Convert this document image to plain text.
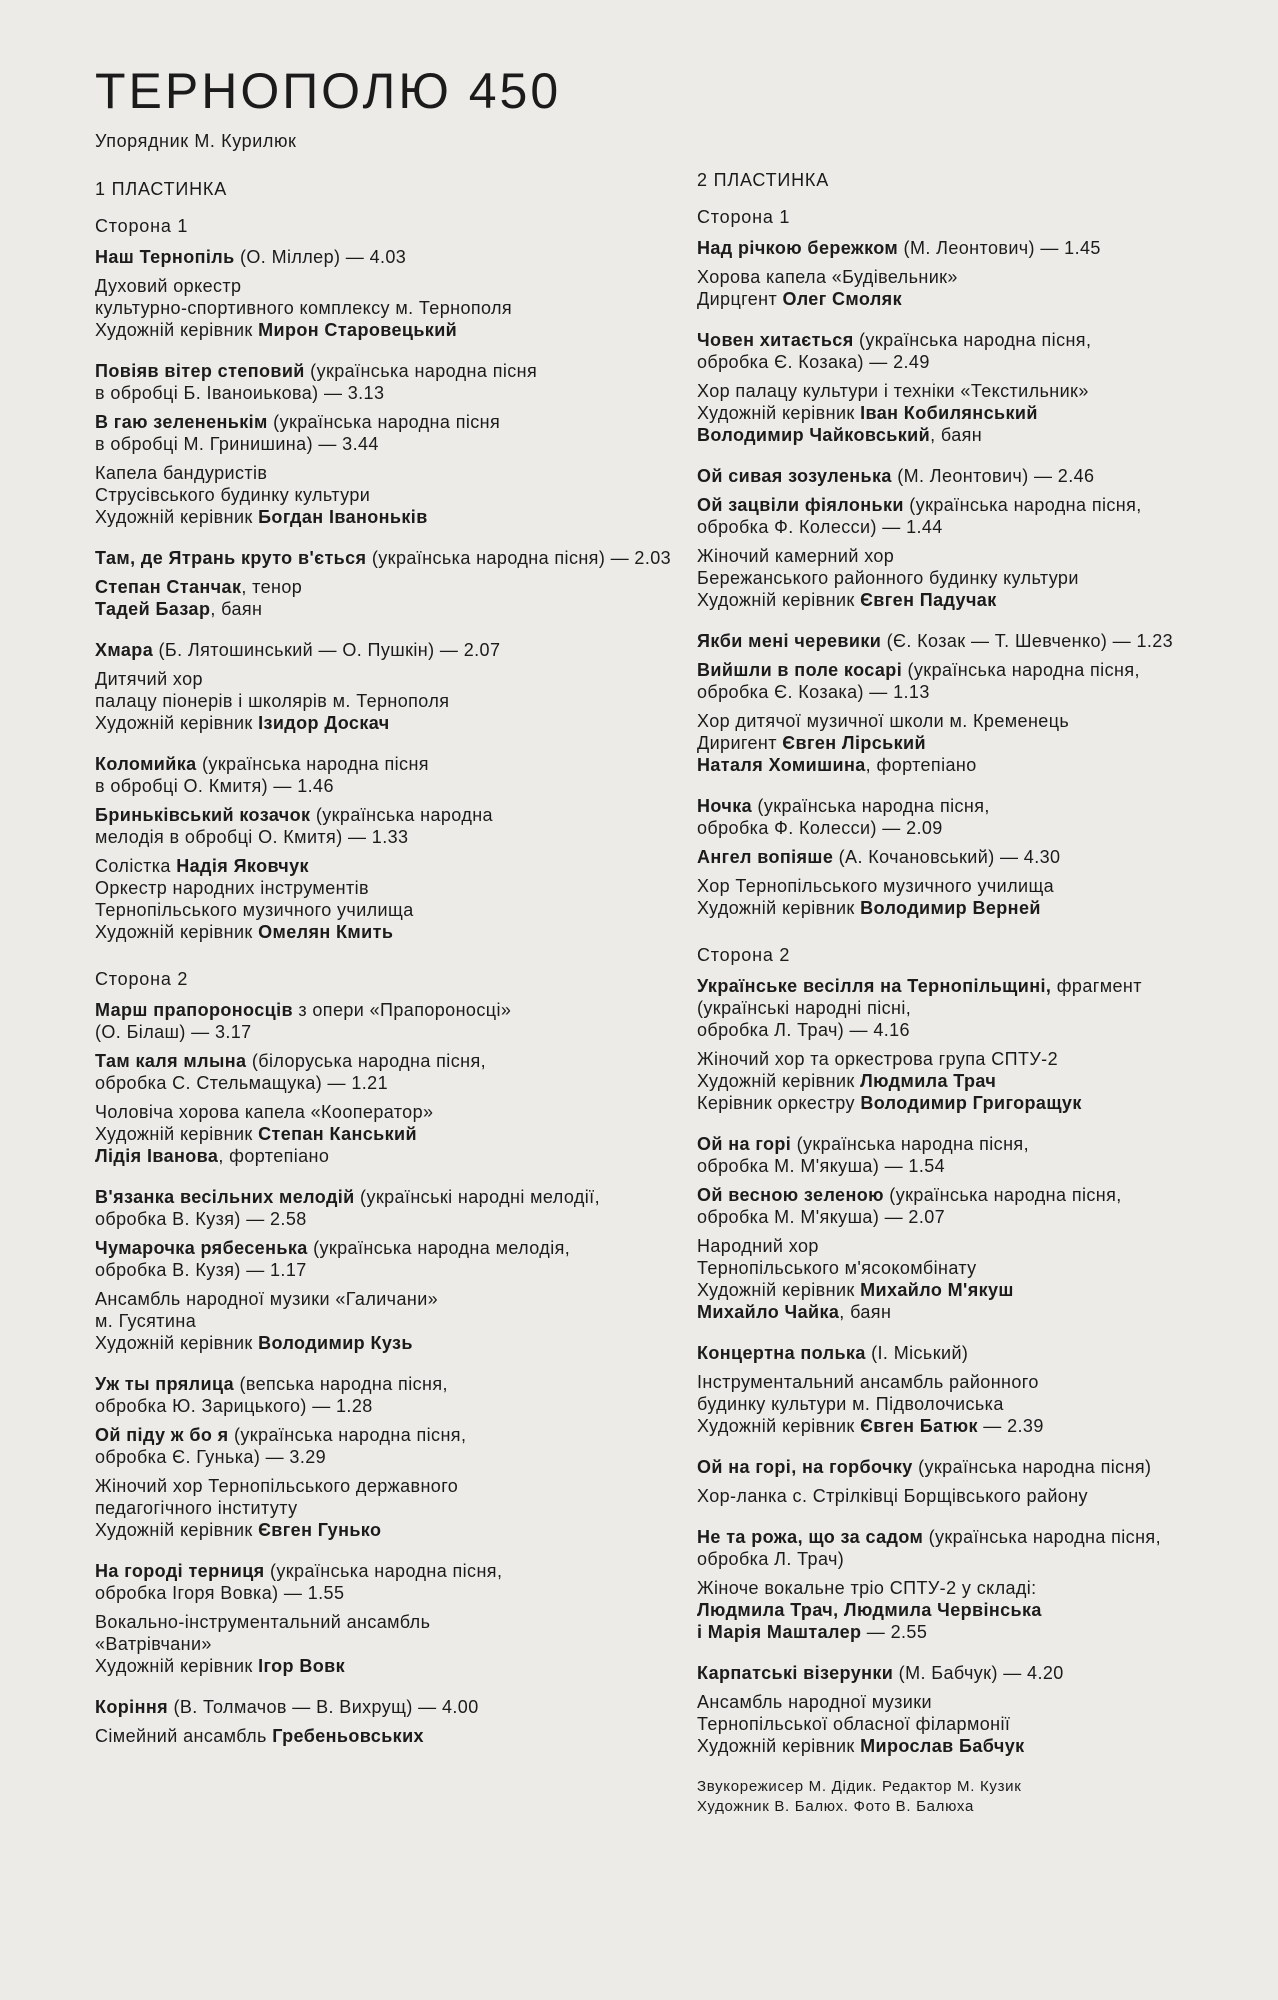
ТЕРНОПОЛЮ 450
Упорядник М. Курилюк
1 ПЛАСТИНКА
Сторона 1
Наш Тернопіль (О. Міллер) — 4.03
Духовий оркестр
культурно-спортивного комплексу м. Тернополя
Художній керівник Мирон Старовецький
Повіяв вітер степовий (українська народна пісня
в обробці Б. Іваноиькова) — 3.13
В гаю зелененькім (українська народна пісня
в обробці М. Гринишина) — 3.44
Капела бандуристів
Струсівського будинку культури
Художній керівник Богдан Іваноньків
Там, де Ятрань круто в'ється (українська народна пісня) — 2.03
Степан Станчак, тенор
Тадей Базар, баян
Хмара (Б. Лятошинський — О. Пушкін) — 2.07
Дитячий хор
палацу піонерів і школярів м. Тернополя
Художній керівник Ізидор Доскач
Коломийка (українська народна пісня
в обробці О. Кмитя) — 1.46
Бриньківський козачок (українська народна
мелодія в обробці О. Кмитя) — 1.33
Солістка Надія Яковчук
Оркестр народних інструментів
Тернопільського музичного училища
Художній керівник Омелян Кмить
Сторона 2
Марш прапороносців з опери «Прапороносці»
(О. Білаш) — 3.17
Там каля млына (білоруська народна пісня,
обробка С. Стельмащука) — 1.21
Чоловіча хорова капела «Кооператор»
Художній керівник Степан Канський
Лідія Іванова, фортепіано
В'язанка весільних мелодій (українські народні мелодії,
обробка В. Кузя) — 2.58
Чумарочка рябесенька (українська народна мелодія,
обробка В. Кузя) — 1.17
Ансамбль народної музики «Галичани»
м. Гусятина
Художній керівник Володимир Кузь
Уж ты прялица (вепська народна пісня,
обробка Ю. Зарицького) — 1.28
Ой піду ж бо я (українська народна пісня,
обробка Є. Гунька) — 3.29
Жіночий хор Тернопільського державного
педагогічного інституту
Художній керівник Євген Гунько
На городі терниця (українська народна пісня,
обробка Ігоря Вовка) — 1.55
Вокально-інструментальний ансамбль
«Ватрівчани»
Художній керівник Ігор Вовк
Коріння (В. Толмачов — В. Вихрущ) — 4.00
Сімейний ансамбль Гребеньовських
2 ПЛАСТИНКА
Сторона 1
Над річкою бережком (М. Леонтович) — 1.45
Хорова капела «Будівельник»
Дирцгент Олег Смоляк
Човен хитається (українська народна пісня,
обробка Є. Козака) — 2.49
Хор палацу культури і техніки «Текстильник»
Художній керівник Іван Кобилянський
Володимир Чайковський, баян
Ой сивая зозуленька (М. Леонтович) — 2.46
Ой зацвіли фіялоньки (українська народна пісня,
обробка Ф. Колесси) — 1.44
Жіночий камерний хор
Бережанського районного будинку культури
Художній керівник Євген Падучак
Якби мені черевики (Є. Козак — Т. Шевченко) — 1.23
Вийшли в поле косарі (українська народна пісня,
обробка Є. Козака) — 1.13
Хор дитячої музичної школи м. Кременець
Диригент Євген Лірський
Наталя Хомишина, фортепіано
Ночка (українська народна пісня,
обробка Ф. Колесси) — 2.09
Ангел вопіяше (А. Кочановський) — 4.30
Хор Тернопільського музичного училища
Художній керівник Володимир Верней
Сторона 2
Українське весілля на Тернопільщині, фрагмент
(українські народні пісні,
обробка Л. Трач) — 4.16
Жіночий хор та оркестрова група СПТУ-2
Художній керівник Людмила Трач
Керівник оркестру Володимир Григоращук
Ой на горі (українська народна пісня,
обробка М. М'якуша) — 1.54
Ой весною зеленою (українська народна пісня,
обробка М. М'якуша) — 2.07
Народний хор
Тернопільського м'ясокомбінату
Художній керівник Михайло М'якуш
Михайло Чайка, баян
Концертна полька (І. Міський)
Інструментальний ансамбль районного
будинку культури м. Підволочиська
Художній керівник Євген Батюк — 2.39
Ой на горі, на горбочку (українська народна пісня)
Хор-ланка с. Стрілківці Борщівського району
Не та рожа, що за садом (українська народна пісня,
обробка Л. Трач)
Жіноче вокальне тріо СПТУ-2 у складі:
Людмила Трач, Людмила Червінська
і Марія Машталер — 2.55
Карпатські візерунки (М. Бабчук) — 4.20
Ансамбль народної музики
Тернопільської обласної філармонії
Художній керівник Мирослав Бабчук
Звукорежисер М. Дідик. Редактор М. Кузик
Художник В. Балюх. Фото В. Балюха
